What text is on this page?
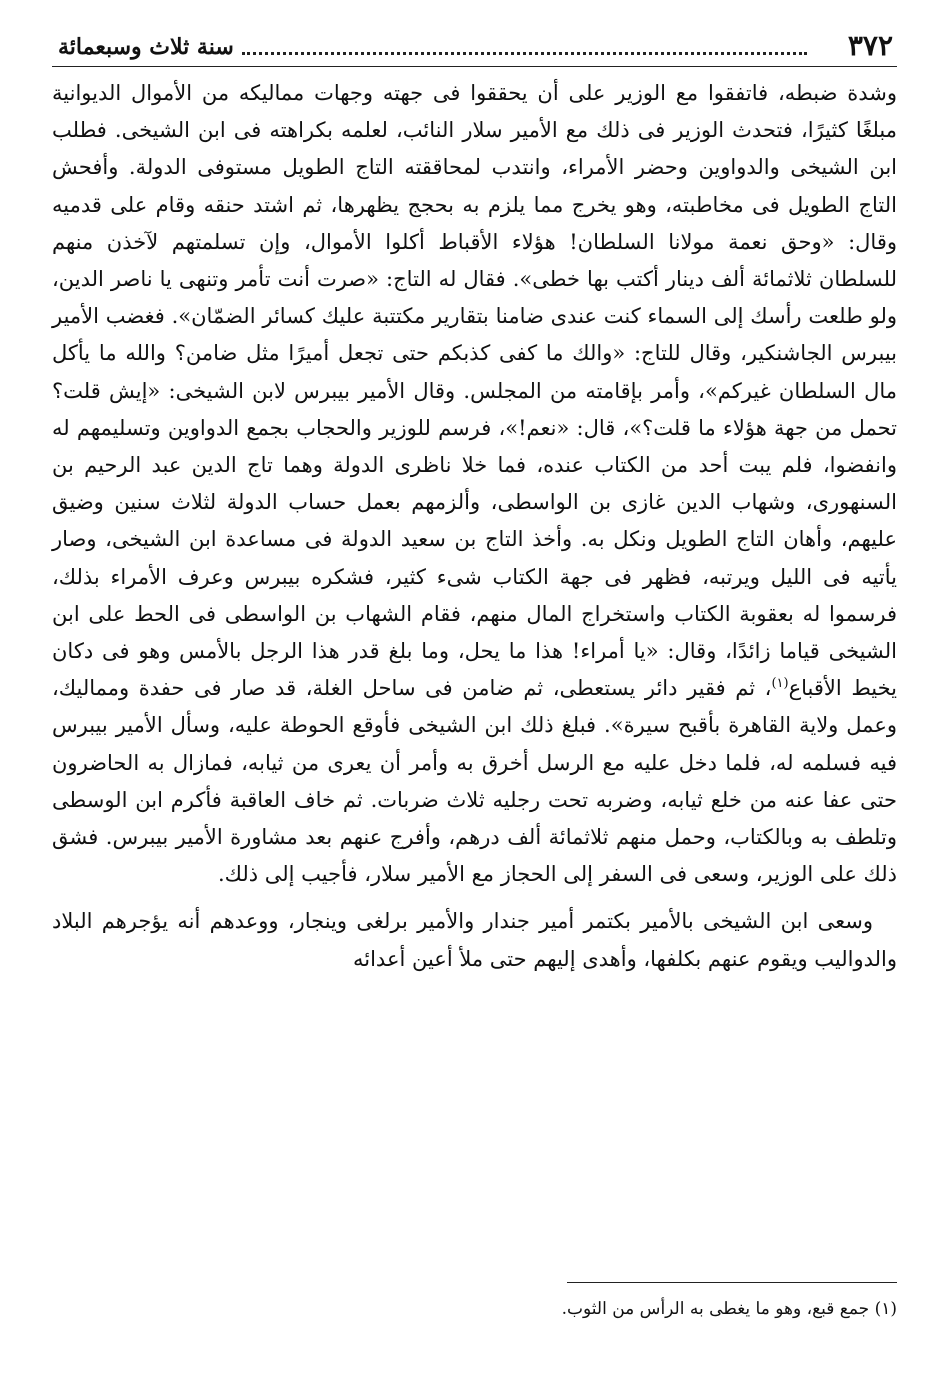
٣٧٢
سنة ثلاث وسبعمائة

وشدة ضبطه، فاتفقوا مع الوزير على أن يحققوا فى جهته وجهات مماليكه من الأموال الديوانية مبلغًا كثيرًا، فتحدث الوزير فى ذلك مع الأمير سلار النائب، لعلمه بكراهته فى ابن الشيخى. فطلب ابن الشيخى والدواوين وحضر الأمراء، وانتدب لمحاققته التاج الطويل مستوفى الدولة. وأفحش التاج الطويل فى مخاطبته، وهو يخرج مما يلزم به بحجج يظهرها، ثم اشتد حنقه وقام على قدميه وقال: «وحق نعمة مولانا السلطان! هؤلاء الأقباط أكلوا الأموال، وإن تسلمتهم لآخذن منهم للسلطان ثلاثمائة ألف دينار أكتب بها خطى». فقال له التاج: «صرت أنت تأمر وتنهى يا ناصر الدين، ولو طلعت رأسك إلى السماء كنت عندى ضامنا بتقارير مكتتبة عليك كسائر الضمّان». فغضب الأمير بيبرس الجاشنكير، وقال للتاج: «والك ما كفى كذبكم حتى تجعل أميرًا مثل ضامن؟ والله ما يأكل مال السلطان غيركم»، وأمر بإقامته من المجلس. وقال الأمير بيبرس لابن الشيخى: «إيش قلت؟ تحمل من جهة هؤلاء ما قلت؟»، قال: «نعم!»، فرسم للوزير والحجاب بجمع الدواوين وتسليمهم له وانفضوا، فلم يبت أحد من الكتاب عنده، فما خلا ناظرى الدولة وهما تاج الدين عبد الرحيم بن السنهورى، وشهاب الدين غازى بن الواسطى، وألزمهم بعمل حساب الدولة لثلاث سنين وضيق عليهم، وأهان التاج الطويل ونكل به. وأخذ التاج بن سعيد الدولة فى مساعدة ابن الشيخى، وصار يأتيه فى الليل ويرتبه، فظهر فى جهة الكتاب شىء كثير، فشكره بيبرس وعرف الأمراء بذلك، فرسموا له بعقوبة الكتاب واستخراج المال منهم، فقام الشهاب بن الواسطى فى الحط على ابن الشيخى قياما زائدًا، وقال: «يا أمراء! هذا ما يحل، وما بلغ قدر هذا الرجل بالأمس وهو فى دكان يخيط الأقباع$^{(١)}$، ثم فقير دائر يستعطى، ثم ضامن فى ساحل الغلة، قد صار فى حفدة ومماليك، وعمل ولاية القاهرة بأقبح سيرة». فبلغ ذلك ابن الشيخى فأوقع الحوطة عليه، وسأل الأمير بيبرس فيه فسلمه له، فلما دخل عليه مع الرسل أخرق به وأمر أن يعرى من ثيابه، فمازال به الحاضرون حتى عفا عنه من خلع ثيابه، وضربه تحت رجليه ثلاث ضربات. ثم خاف العاقبة فأكرم ابن الوسطى وتلطف به وبالكتاب، وحمل منهم ثلاثمائة ألف درهم، وأفرج عنهم بعد مشاورة الأمير بيبرس. فشق ذلك على الوزير، وسعى فى السفر إلى الحجاز مع الأمير سلار، فأجيب إلى ذلك.

وسعى ابن الشيخى بالأمير بكتمر أمير جندار والأمير برلغى وينجار، ووعدهم أنه يؤجرهم البلاد والدواليب ويقوم عنهم بكلفها، وأهدى إليهم حتى ملأ أعين أعدائه

(١) جمع قبع، وهو ما يغطى به الرأس من الثوب.
